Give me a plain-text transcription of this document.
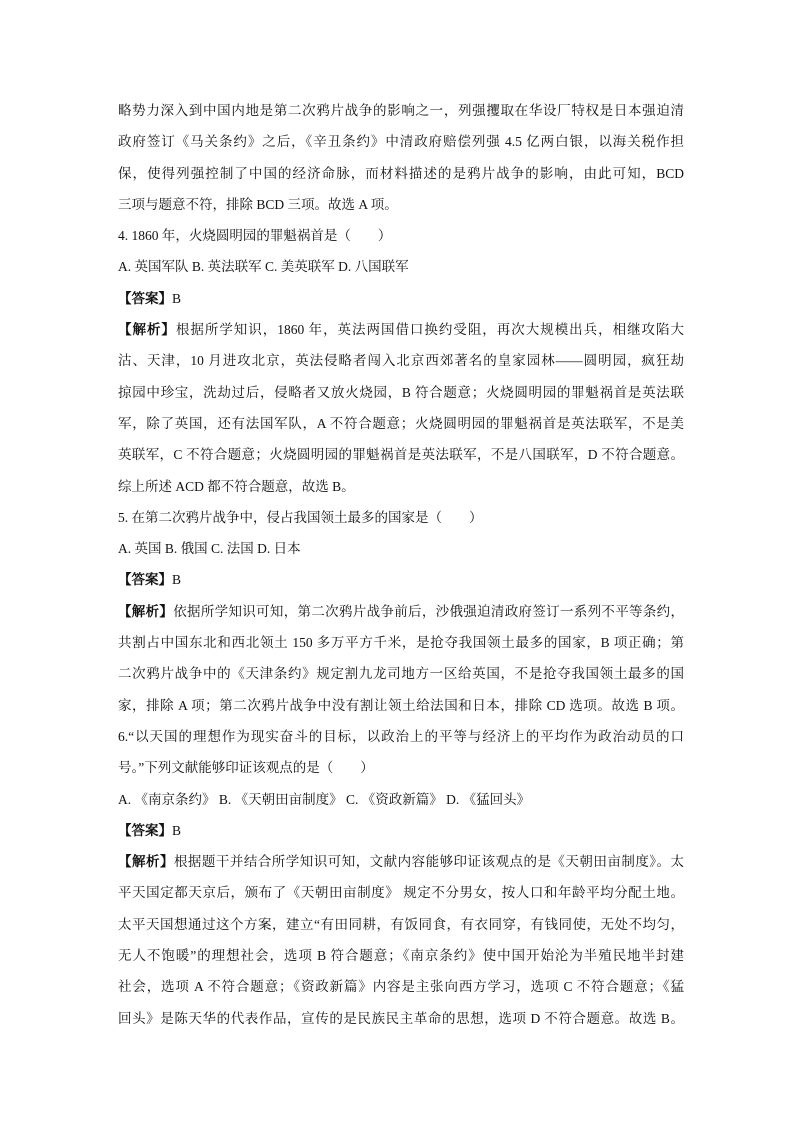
略势力深入到中国内地是第二次鸦片战争的影响之一，列强攫取在华设厂特权是日本强迫清
政府签订《马关条约》之后，《辛丑条约》中清政府赔偿列强 4.5 亿两白银，以海关税作担
保，使得列强控制了中国的经济命脉，而材料描述的是鸦片战争的影响，由此可知，BCD
三项与题意不符，排除 BCD 三项。故选 A 项。
4. 1860 年，火烧圆明园的罪魁祸首是（　　）
A. 英国军队 B. 英法联军 C. 美英联军 D. 八国联军
【答案】B
【解析】根据所学知识，1860 年，英法两国借口换约受阻，再次大规模出兵，相继攻陷大
沽、天津，10 月进攻北京，英法侵略者闯入北京西郊著名的皇家园林——圆明园，疯狂劫
掠园中珍宝，洗劫过后，侵略者又放火烧园，B 符合题意；火烧圆明园的罪魁祸首是英法联
军，除了英国，还有法国军队，A 不符合题意；火烧圆明园的罪魁祸首是英法联军，不是美
英联军，C 不符合题意；火烧圆明园的罪魁祸首是英法联军，不是八国联军，D 不符合题意。
综上所述 ACD 都不符合题意，故选 B。
5. 在第二次鸦片战争中，侵占我国领土最多的国家是（　　）
A. 英国 B. 俄国 C. 法国 D. 日本
【答案】B
【解析】依据所学知识可知，第二次鸦片战争前后，沙俄强迫清政府签订一系列不平等条约，
共割占中国东北和西北领土 150 多万平方千米，是抢夺我国领土最多的国家，B 项正确；第
二次鸦片战争中的《天津条约》规定割九龙司地方一区给英国，不是抢夺我国领土最多的国
家，排除 A 项；第二次鸦片战争中没有割让领土给法国和日本，排除 CD 选项。故选 B 项。
6.“以天国的理想作为现实奋斗的目标，以政治上的平等与经济上的平均作为政治动员的口
号。”下列文献能够印证该观点的是（　　）
A. 《南京条约》 B. 《天朝田亩制度》 C. 《资政新篇》 D. 《猛回头》
【答案】B
【解析】根据题干并结合所学知识可知，文献内容能够印证该观点的是《天朝田亩制度》。太
平天国定都天京后，颁布了《天朝田亩制度》 规定不分男女，按人口和年龄平均分配土地。
太平天国想通过这个方案，建立“有田同耕，有饭同食，有衣同穿，有钱同使，无处不均匀，
无人不饱暖”的理想社会，选项 B 符合题意；《南京条约》使中国开始沦为半殖民地半封建
社会，选项 A 不符合题意；《资政新篇》内容是主张向西方学习，选项 C 不符合题意；《猛
回头》是陈天华的代表作品，宣传的是民族民主革命的思想，选项 D 不符合题意。故选 B。
